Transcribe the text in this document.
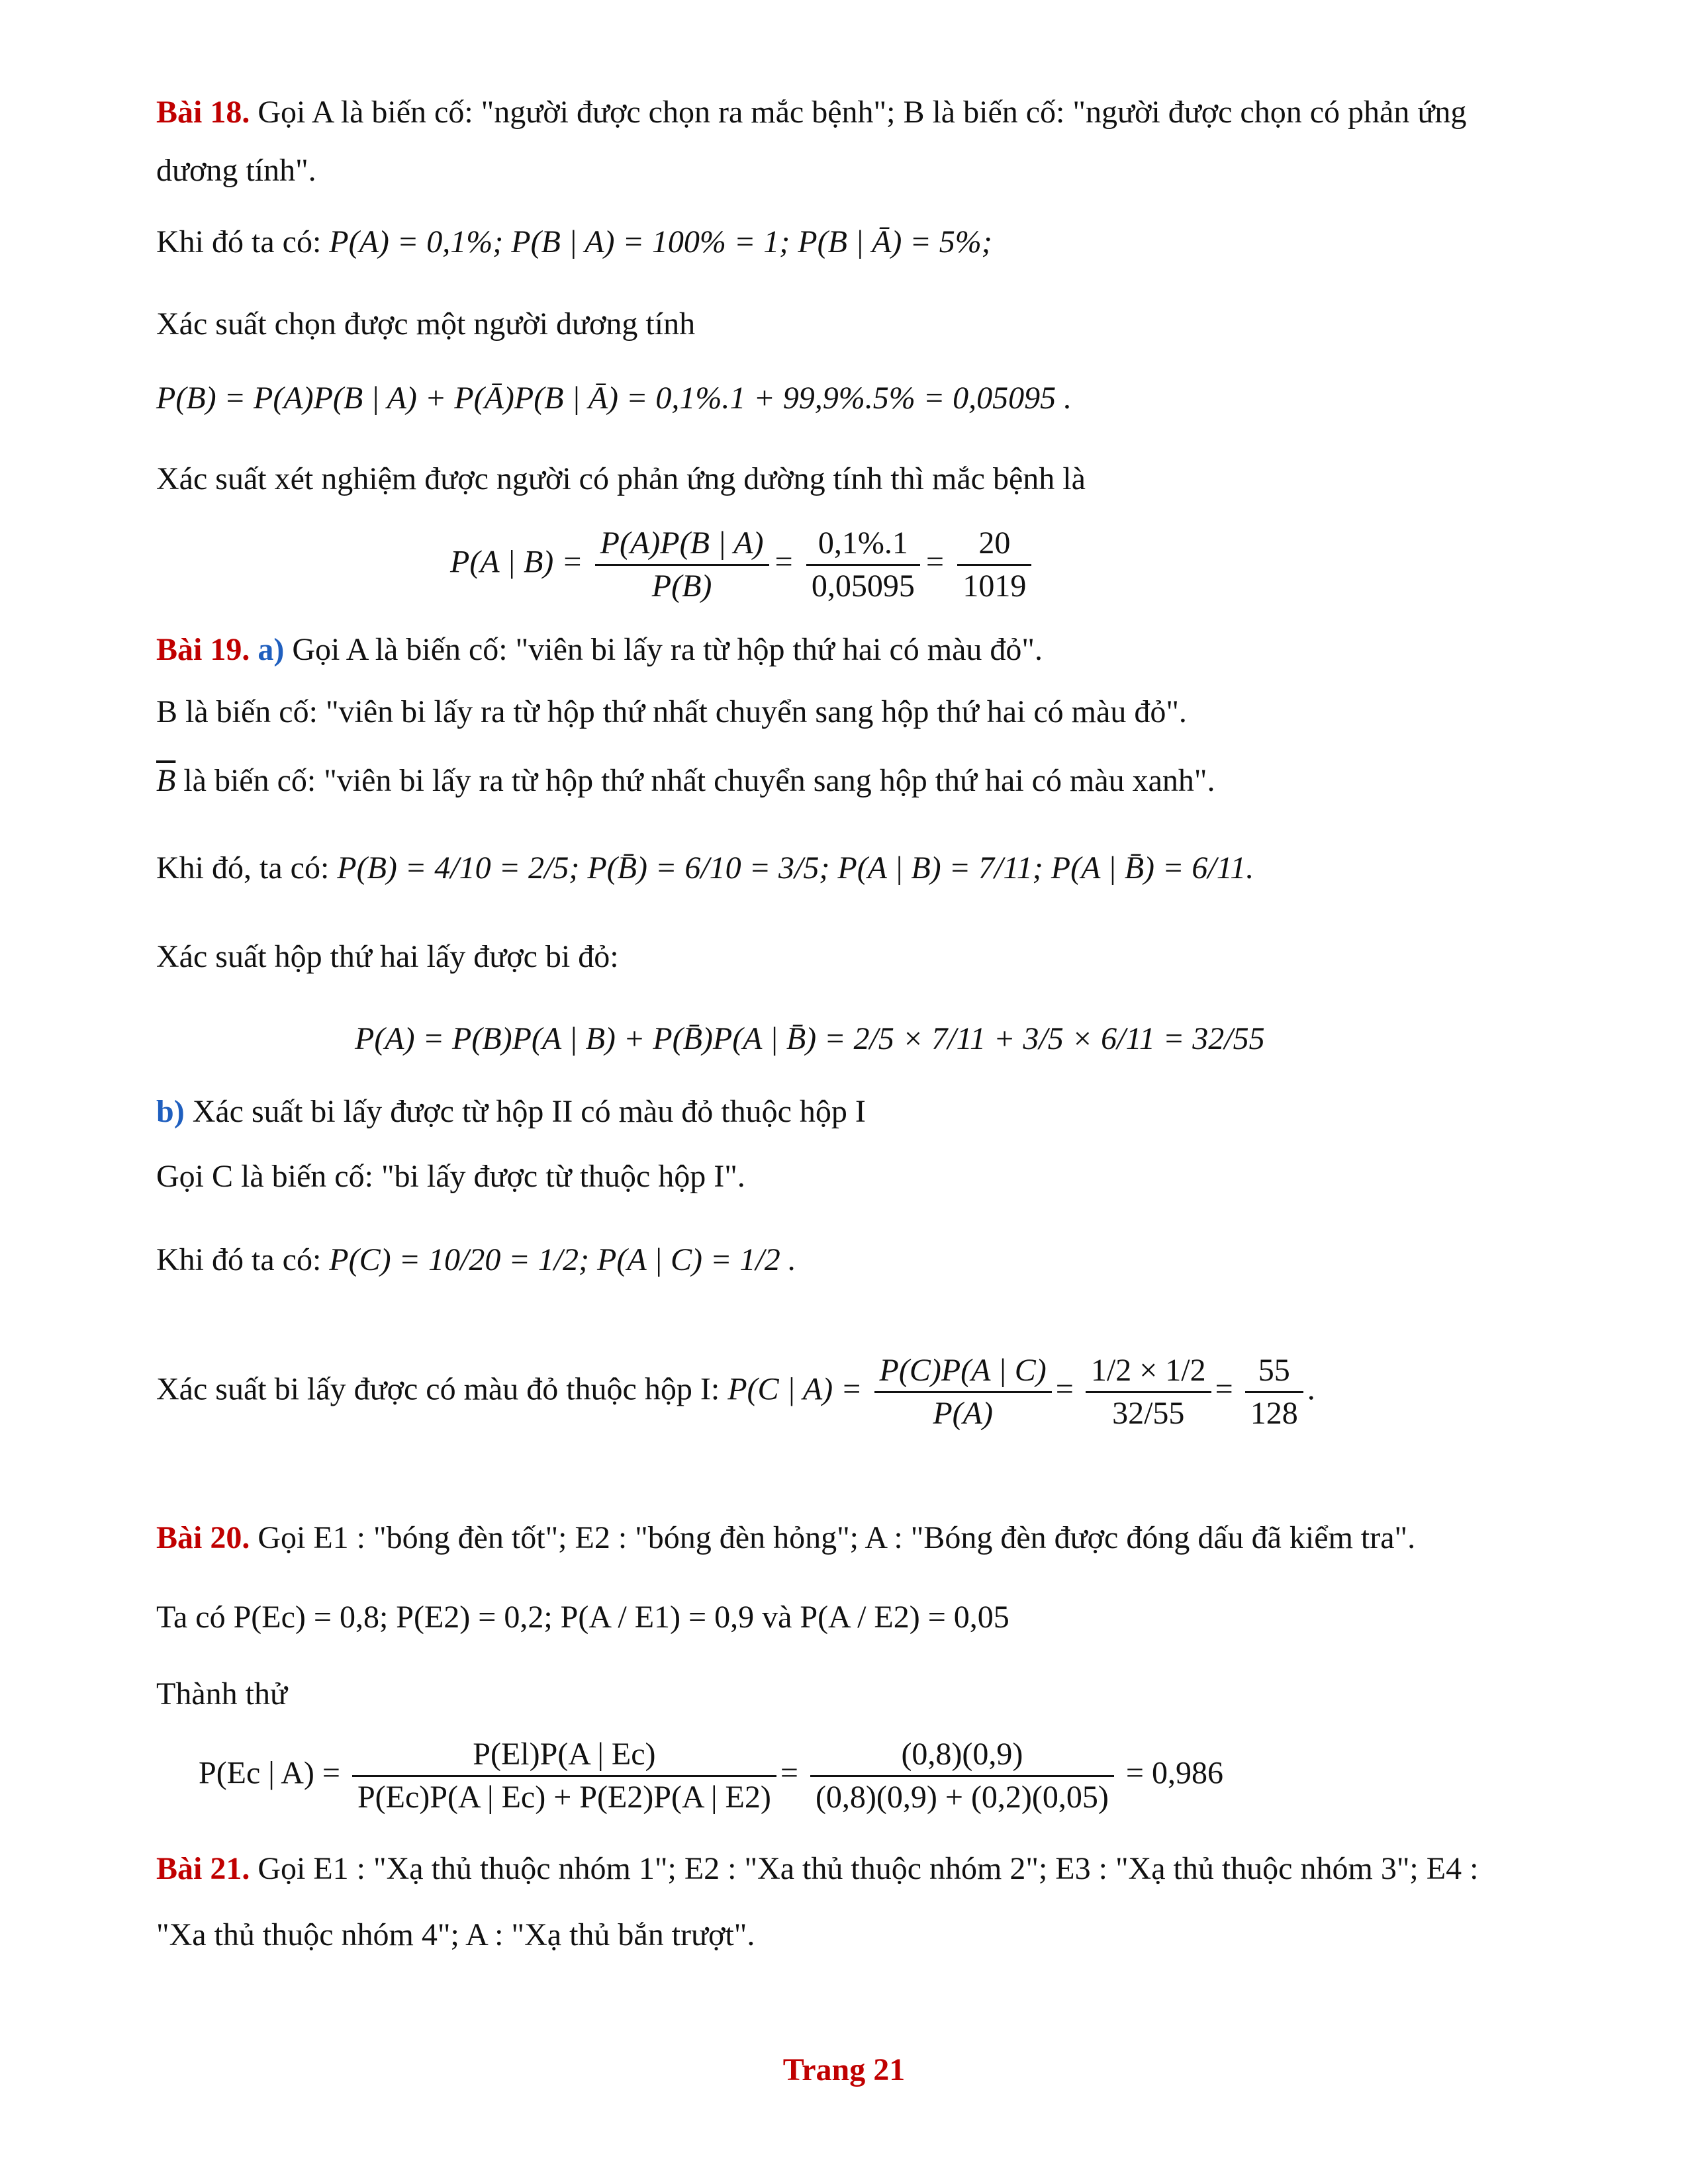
Bài 18. Gọi A là biến cố: "người được chọn ra mắc bệnh"; B là biến cố: "người được chọn có phản ứng
dương tính".
Khi đó ta có: P(A) = 0,1%; P(B | A) = 100% = 1; P(B | Ā) = 5%;
Xác suất chọn được một người dương tính
P(B) = P(A)P(B | A) + P(Ā)P(B | Ā) = 0,1%.1 + 99,9%.5% = 0,05095 .
Xác suất xét nghiệm được người có phản ứng dường tính thì mắc bệnh là
P(A | $B) = \frac{P(A)P(B | A)}{P(B)} = \frac{0,1\%.1}{0,05095} = \frac{20}{1019}$
Bài 19. a) Gọi A là biến cố: "viên bi lấy ra từ hộp thứ hai có màu đỏ".
B là biến cố: "viên bi lấy ra từ hộp thứ nhất chuyển sang hộp thứ hai có màu đỏ".
$\overline{B}$ là biến cố: "viên bi lấy ra từ hộp thứ nhất chuyển sang hộp thứ hai có màu xanh".
Khi đó, ta có: P(B) = 4/10 = 2/5; P(B̄) = 6/10 = 3/5; P(A | B) = 7/11; P(A | B̄) = 6/11.
Xác suất hộp thứ hai lấy được bi đỏ:
P(A) = P(B)P(A | B) + P(B̄)P(A | B̄) = 2/5 × 7/11 + 3/5 × 6/11 = 32/55
b) Xác suất bi lấy được từ hộp II có màu đỏ thuộc hộp I
Gọi C là biến cố: "bi lấy được từ thuộc hộp I".
Khi đó ta có: P(C) = 10/20 = 1/2; P(A | C) = 1/2 .
Xác suất bi lấy được có màu đỏ thuộc hộp I: P(C | $A) = \frac{P(C)P(A | C)}{P(A)} = \frac{1/2 \times 1/2}{32/55} = \frac{55}{128}$ .
Bài 20. Gọi E1 : "bóng đèn tốt"; E2 : "bóng đèn hỏng"; A : "Bóng đèn được đóng dấu đã kiểm tra".
Ta có P(Ec) = 0,8; P(E2) = 0,2; P(A / E1) = 0,9 và P(A / E2) = 0,05
Thành thử
P(Ec | $A) = \frac{P(El)P(A | Ec)}{P(Ec)P(A | Ec) + P(E2)P(A | E2)} = \frac{(0,8)(0,9)}{(0,8)(0,9) + (0,2)(0,05)} = 0,986$
Bài 21. Gọi E1 : "Xạ thủ thuộc nhóm 1"; E2 : "Xa thủ thuộc nhóm 2"; E3 : "Xạ thủ thuộc nhóm 3"; E4 :
"Xa thủ thuộc nhóm 4"; A : "Xạ thủ bắn trượt".
Trang 21
